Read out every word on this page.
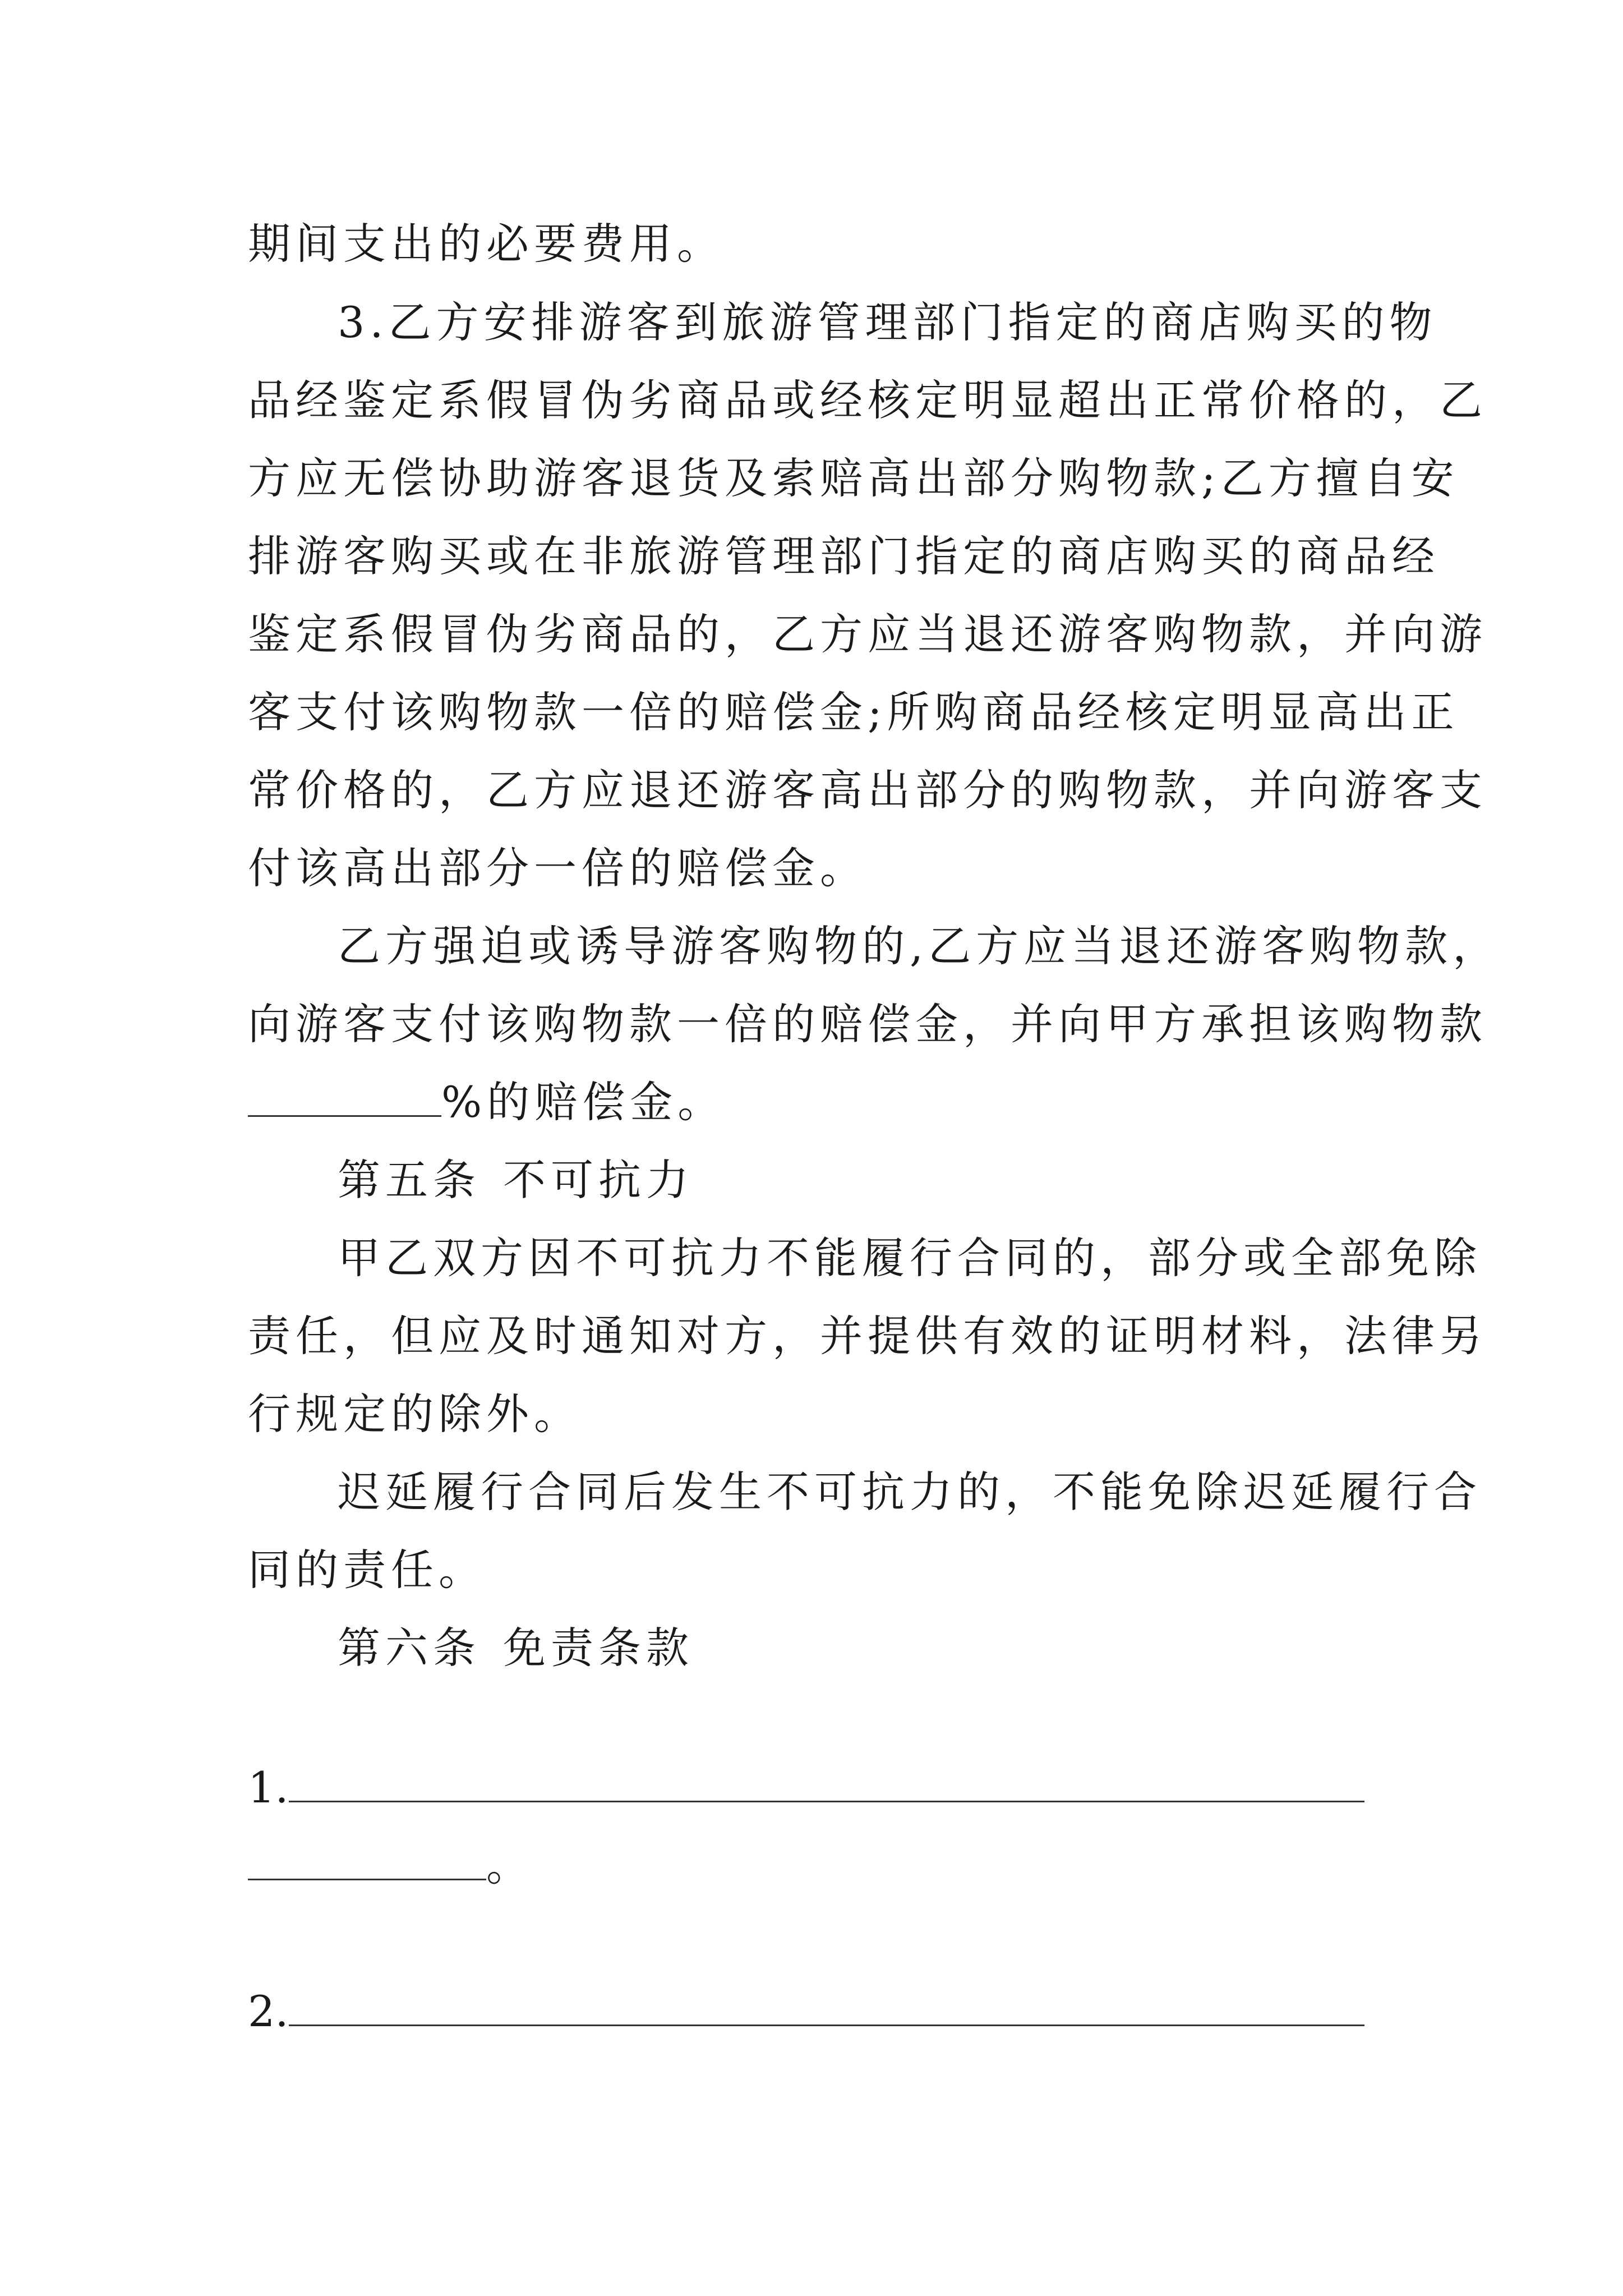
期间支出的必要费用。
3.乙方安排游客到旅游管理部门指定的商店购买的物
品经鉴定系假冒伪劣商品或经核定明显超出正常价格的，乙
方应无偿协助游客退货及索赔高出部分购物款;乙方擅自安
排游客购买或在非旅游管理部门指定的商店购买的商品经
鉴定系假冒伪劣商品的，乙方应当退还游客购物款，并向游
客支付该购物款一倍的赔偿金;所购商品经核定明显高出正
常价格的，乙方应退还游客高出部分的购物款，并向游客支
付该高出部分一倍的赔偿金。
乙方强迫或诱导游客购物的,乙方应当退还游客购物款，
向游客支付该购物款一倍的赔偿金，并向甲方承担该购物款
%的赔偿金。
第五条 不可抗力
甲乙双方因不可抗力不能履行合同的，部分或全部免除
责任，但应及时通知对方，并提供有效的证明材料，法律另
行规定的除外。
迟延履行合同后发生不可抗力的，不能免除迟延履行合
同的责任。
第六条 免责条款
1.
。
2.
